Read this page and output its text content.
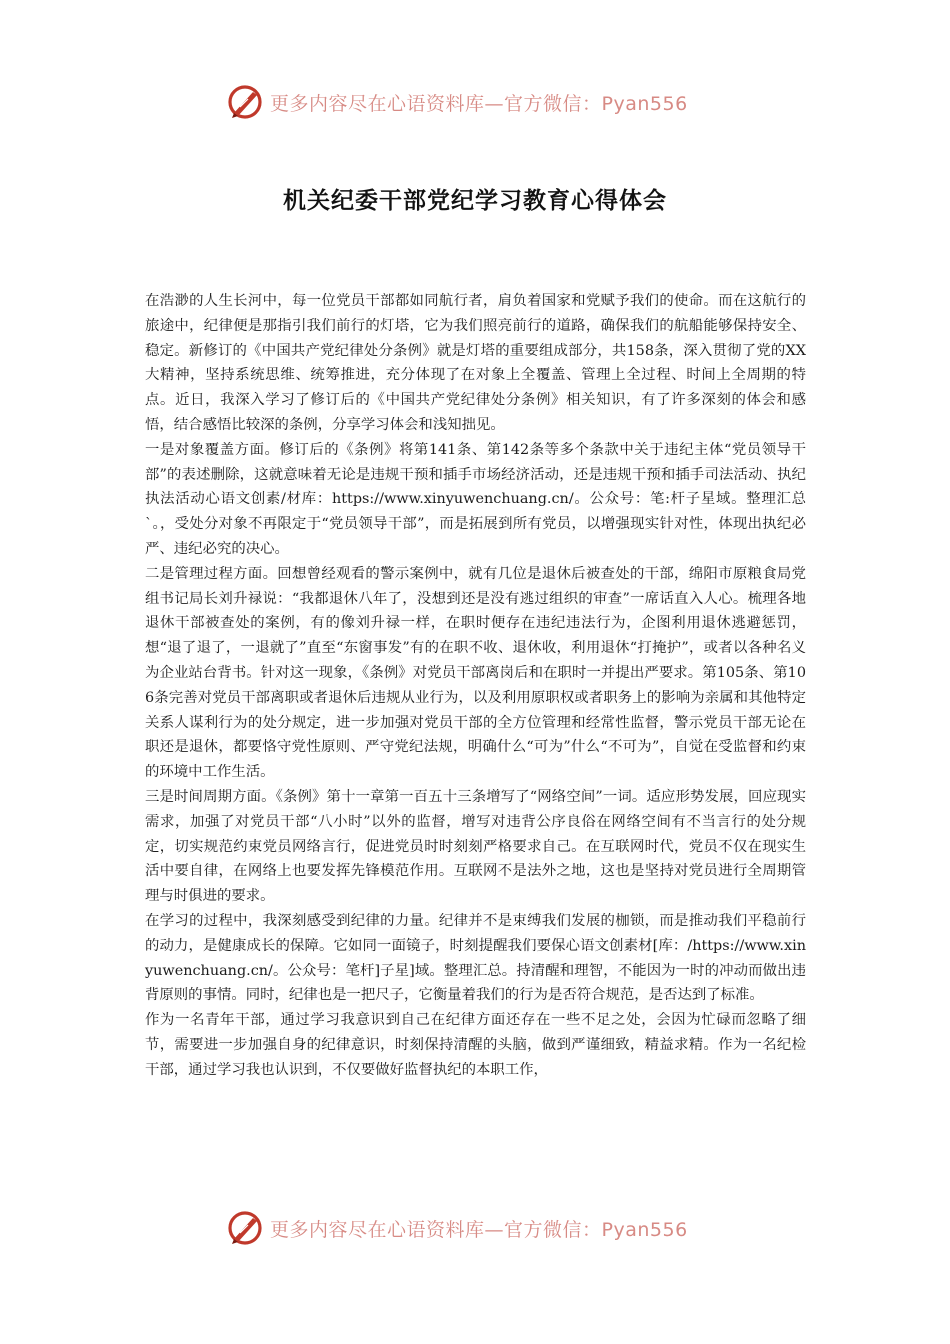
更多内容尽在心语资料库—官方微信：Pyan556
机关纪委干部党纪学习教育心得体会

在浩渺的人生长河中，每一位党员干部都如同航行者，肩负着国家和党赋予我们的使命。而在这航行的旅途中，纪律便是那指引我们前行的灯塔，它为我们照亮前行的道路，确保我们的航船能够保持安全、稳定。新修订的《中国共产党纪律处分条例》就是灯塔的重要组成部分，共158条，深入贯彻了党的XX大精神，坚持系统思维、统筹推进，充分体现了在对象上全覆盖、管理上全过程、时间上全周期的特点。近日，我深入学习了修订后的《中国共产党纪律处分条例》相关知识，有了许多深刻的体会和感悟，结合感悟比较深的条例，分享学习体会和浅知拙见。

一是对象覆盖方面。修订后的《条例》将第141条、第142条等多个条款中关于违纪主体“党员领导干部”的表述删除，这就意味着无论是违规干预和插手市场经济活动，还是违规干预和插手司法活动、执纪执法活动心语文创素/材库：https://www.xinyuwenchuang.cn/。公众号：笔:杆子星域。整理汇总`。，受处分对象不再限定于“党员领导干部”，而是拓展到所有党员，以增强现实针对性，体现出执纪必严、违纪必究的决心。

二是管理过程方面。回想曾经观看的警示案例中，就有几位是退休后被查处的干部，绵阳市原粮食局党组书记局长刘升禄说：“我都退休八年了，没想到还是没有逃过组织的审查”一席话直入人心。梳理各地退休干部被查处的案例，有的像刘升禄一样，在职时便存在违纪违法行为，企图利用退休逃避惩罚，想“退了退了，一退就了”直至“东窗事发”有的在职不收、退休收，利用退休“打掩护”，或者以各种名义为企业站台背书。针对这一现象，《条例》对党员干部离岗后和在职时一并提出严要求。第105条、第106条完善对党员干部离职或者退休后违规从业行为，以及利用原职权或者职务上的影响为亲属和其他特定关系人谋利行为的处分规定，进一步加强对党员干部的全方位管理和经常性监督，警示党员干部无论在职还是退休，都要恪守党性原则、严守党纪法规，明确什么“可为”什么“不可为”，自觉在受监督和约束的环境中工作生活。

三是时间周期方面。《条例》第十一章第一百五十三条增写了“网络空间”一词。适应形势发展，回应现实需求，加强了对党员干部“八小时”以外的监督，增写对违背公序良俗在网络空间有不当言行的处分规定，切实规范约束党员网络言行，促进党员时时刻刻严格要求自己。在互联网时代，党员不仅在现实生活中要自律，在网络上也要发挥先锋模范作用。互联网不是法外之地，这也是坚持对党员进行全周期管理与时俱进的要求。

在学习的过程中，我深刻感受到纪律的力量。纪律并不是束缚我们发展的枷锁，而是推动我们平稳前行的动力，是健康成长的保障。它如同一面镜子，时刻提醒我们要保心语文创素材[库：/https://www.xinyuwenchuang.cn/。公众号：笔杆]子星]域。整理汇总。持清醒和理智，不能因为一时的冲动而做出违背原则的事情。同时，纪律也是一把尺子，它衡量着我们的行为是否符合规范，是否达到了标准。

作为一名青年干部，通过学习我意识到自己在纪律方面还存在一些不足之处，会因为忙碌而忽略了细节，需要进一步加强自身的纪律意识，时刻保持清醒的头脑，做到严谨细致，精益求精。作为一名纪检干部，通过学习我也认识到，不仅要做好监督执纪的本职工作，

更多内容尽在心语资料库—官方微信：Pyan556
